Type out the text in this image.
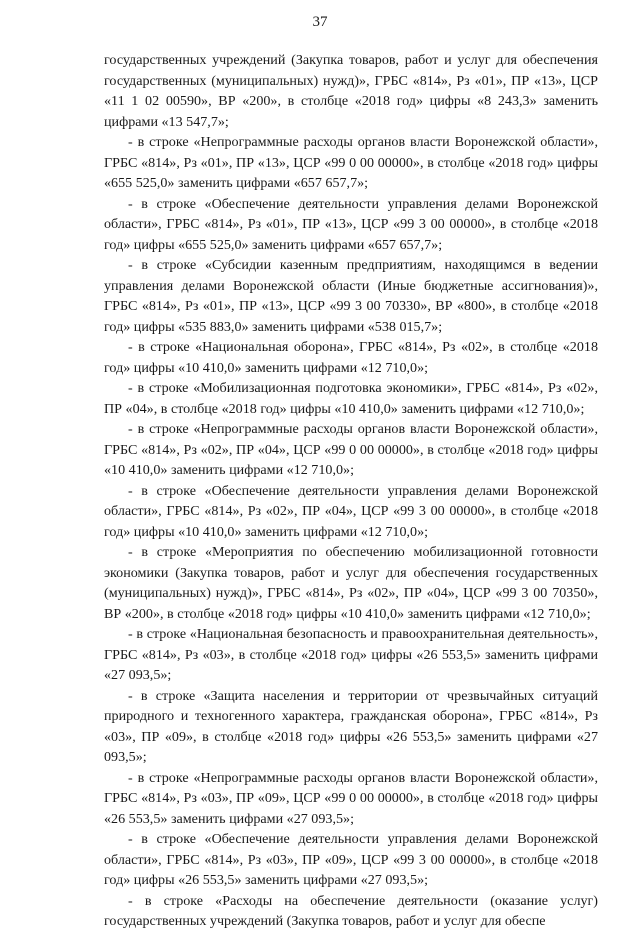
37

государственных учреждений (Закупка товаров, работ и услуг для обеспечения государственных (муниципальных) нужд)», ГРБС «814», Рз «01», ПР «13», ЦСР «11 1 02 00590», ВР «200», в столбце «2018 год» цифры «8 243,3» заменить цифрами «13 547,7»;

- в строке «Непрограммные расходы органов власти Воронежской области», ГРБС «814», Рз «01», ПР «13», ЦСР «99 0 00 00000», в столбце «2018 год» цифры «655 525,0» заменить цифрами «657 657,7»;

- в строке «Обеспечение деятельности управления делами Воронежской области», ГРБС «814», Рз «01», ПР «13», ЦСР «99 3 00 00000», в столбце «2018 год» цифры «655 525,0» заменить цифрами «657 657,7»;

- в строке «Субсидии казенным предприятиям, находящимся в ведении управления делами Воронежской области (Иные бюджетные ассигнования)», ГРБС «814», Рз «01», ПР «13», ЦСР «99 3 00 70330», ВР «800», в столбце «2018 год» цифры «535 883,0» заменить цифрами «538 015,7»;

- в строке «Национальная оборона», ГРБС «814», Рз «02», в столбце «2018 год» цифры «10 410,0» заменить цифрами «12 710,0»;

- в строке «Мобилизационная подготовка экономики», ГРБС «814», Рз «02», ПР «04», в столбце «2018 год» цифры «10 410,0» заменить цифрами «12 710,0»;

- в строке «Непрограммные расходы органов власти Воронежской области», ГРБС «814», Рз «02», ПР «04», ЦСР «99 0 00 00000», в столбце «2018 год» цифры «10 410,0» заменить цифрами «12 710,0»;

- в строке «Обеспечение деятельности управления делами Воронежской области», ГРБС «814», Рз «02», ПР «04», ЦСР «99 3 00 00000», в столбце «2018 год» цифры «10 410,0» заменить цифрами «12 710,0»;

- в строке «Мероприятия по обеспечению мобилизационной готовности экономики (Закупка товаров, работ и услуг для обеспечения государственных (муниципальных) нужд)», ГРБС «814», Рз «02», ПР «04», ЦСР «99 3 00 70350», ВР «200», в столбце «2018 год» цифры «10 410,0» заменить цифрами «12 710,0»;

- в строке «Национальная безопасность и правоохранительная деятельность», ГРБС «814», Рз «03», в столбце «2018 год» цифры «26 553,5» заменить цифрами «27 093,5»;

- в строке «Защита населения и территории от чрезвычайных ситуаций природного и техногенного характера, гражданская оборона», ГРБС «814», Рз «03», ПР «09», в столбце «2018 год» цифры «26 553,5» заменить цифрами «27 093,5»;

- в строке «Непрограммные расходы органов власти Воронежской области», ГРБС «814», Рз «03», ПР «09», ЦСР «99 0 00 00000», в столбце «2018 год» цифры «26 553,5» заменить цифрами «27 093,5»;

- в строке «Обеспечение деятельности управления делами Воронежской области», ГРБС «814», Рз «03», ПР «09», ЦСР «99 3 00 00000», в столбце «2018 год» цифры «26 553,5» заменить цифрами «27 093,5»;

- в строке «Расходы на обеспечение деятельности (оказание услуг) государственных учреждений (Закупка товаров, работ и услуг для обеспе
